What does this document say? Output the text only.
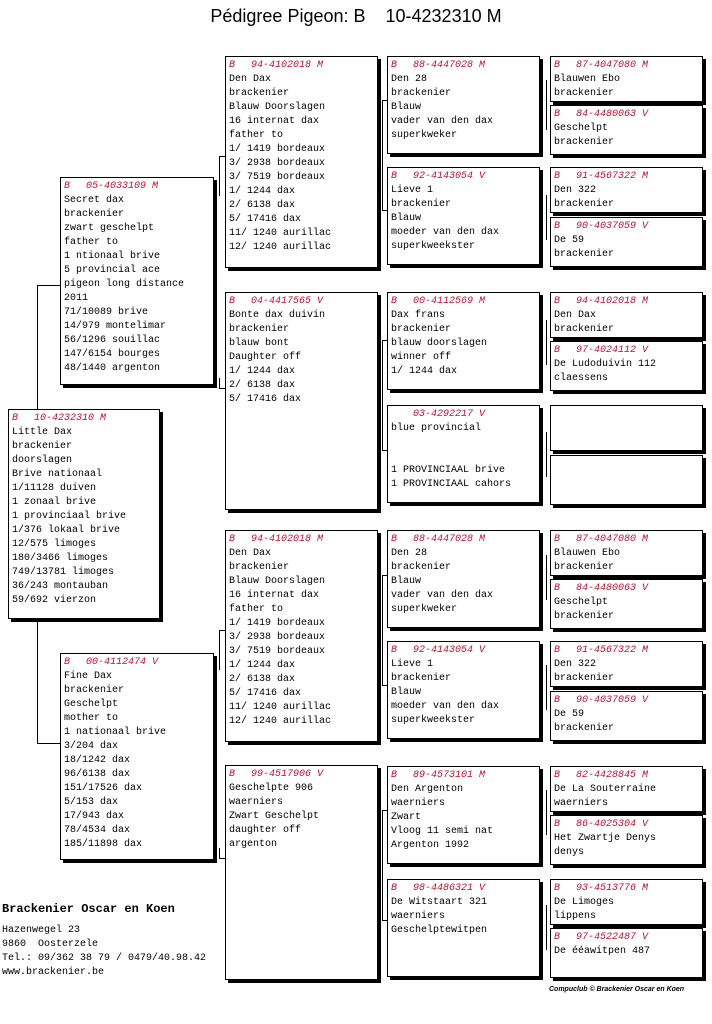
Pédigree Pigeon: B    10-4232310 M
B	10-4232310 M
Little Dax
brackenier
doorslagen
Brive nationaal
1/11128 duiven
1 zonaal brive
1 provinciaal brive
1/376 lokaal brive
12/575 limoges
180/3466 limoges
749/13781 limoges
36/243 montauban
59/692 vierzon
B	05-4033109 M
Secret dax
brackenier
zwart geschelpt
father to
1 ntionaal brive
5 provincial ace
pigeon long distance
2011
71/10089 brive
14/979 montelimar
56/1296 souillac
147/6154 bourges
48/1440 argenton
B	00-4112474 V
Fine Dax
brackenier
Geschelpt
mother to
1 nationaal brive
3/204 dax
18/1242 dax
96/6138 dax
151/17526 dax
5/153 dax
17/943 dax
78/4534 dax
185/11898 dax
B	94-4102018 M
Den Dax
brackenier
Blauw Doorslagen
16 internat dax
father to
1/ 1419 bordeaux
3/ 2938 bordeaux
3/ 7519 bordeaux
1/ 1244 dax
2/ 6138 dax
5/ 17416 dax
11/ 1240 aurillac
12/ 1240 aurillac
B	04-4417565 V
Bonte dax duivin
brackenier
blauw bont
Daughter off
1/ 1244 dax
2/ 6138 dax
5/ 17416 dax
B	94-4102018 M
Den Dax
brackenier
Blauw Doorslagen
16 internat dax
father to
1/ 1419 bordeaux
3/ 2938 bordeaux
3/ 7519 bordeaux
1/ 1244 dax
2/ 6138 dax
5/ 17416 dax
11/ 1240 aurillac
12/ 1240 aurillac
B	99-4517906 V
Geschelpte 906
waerniers
Zwart Geschelpt
daughter off
argenton
B	88-4447028 M
Den 28
brackenier
Blauw
vader van den dax
superkweker
B	92-4143054 V
Lieve 1
brackenier
Blauw
moeder van den dax
superkweekster
B	00-4112569 M
Dax frans
brackenier
blauw doorslagen
winner off
1/ 1244 dax
03-4292217 V
blue provincial
1 PROVINCIAAL brive
1 PROVINCIAAL cahors
B	88-4447028 M
Den 28
brackenier
Blauw
vader van den dax
superkweker
B	92-4143054 V
Lieve 1
brackenier
Blauw
moeder van den dax
superkweekster
B	89-4573101 M
Den Argenton
waerniers
Zwart
Vloog 11 semi nat
Argenton 1992
B	98-4486321 V
De Witstaart 321
waerniers
Geschelptewitpen
B	87-4047080 M
Blauwen Ebo
brackenier
B	84-4480063 V
Geschelpt
brackenier
B	91-4567322 M
Den 322
brackenier
B	90-4037059 V
De 59
brackenier
B	94-4102018 M
Den Dax
brackenier
B	97-4024112 V
De Ludoduivin 112
claessens
B	87-4047080 M
Blauwen Ebo
brackenier
B	84-4480063 V
Geschelpt
brackenier
B	91-4567322 M
Den 322
brackenier
B	90-4037059 V
De 59
brackenier
B	82-4428845 M
De La Souterraine
waerniers
B	86-4025304 V
Het Zwartje Denys
denys
B	93-4513776 M
De Limoges
lippens
B	97-4522487 V
De ééawitpen 487
Brackenier Oscar en Koen
Hazenwegel 23
9860  Oosterzele
Tel.: 09/362 38 79 / 0479/40.98.42
www.brackenier.be
Compuclub © Brackenier Oscar en Koen
